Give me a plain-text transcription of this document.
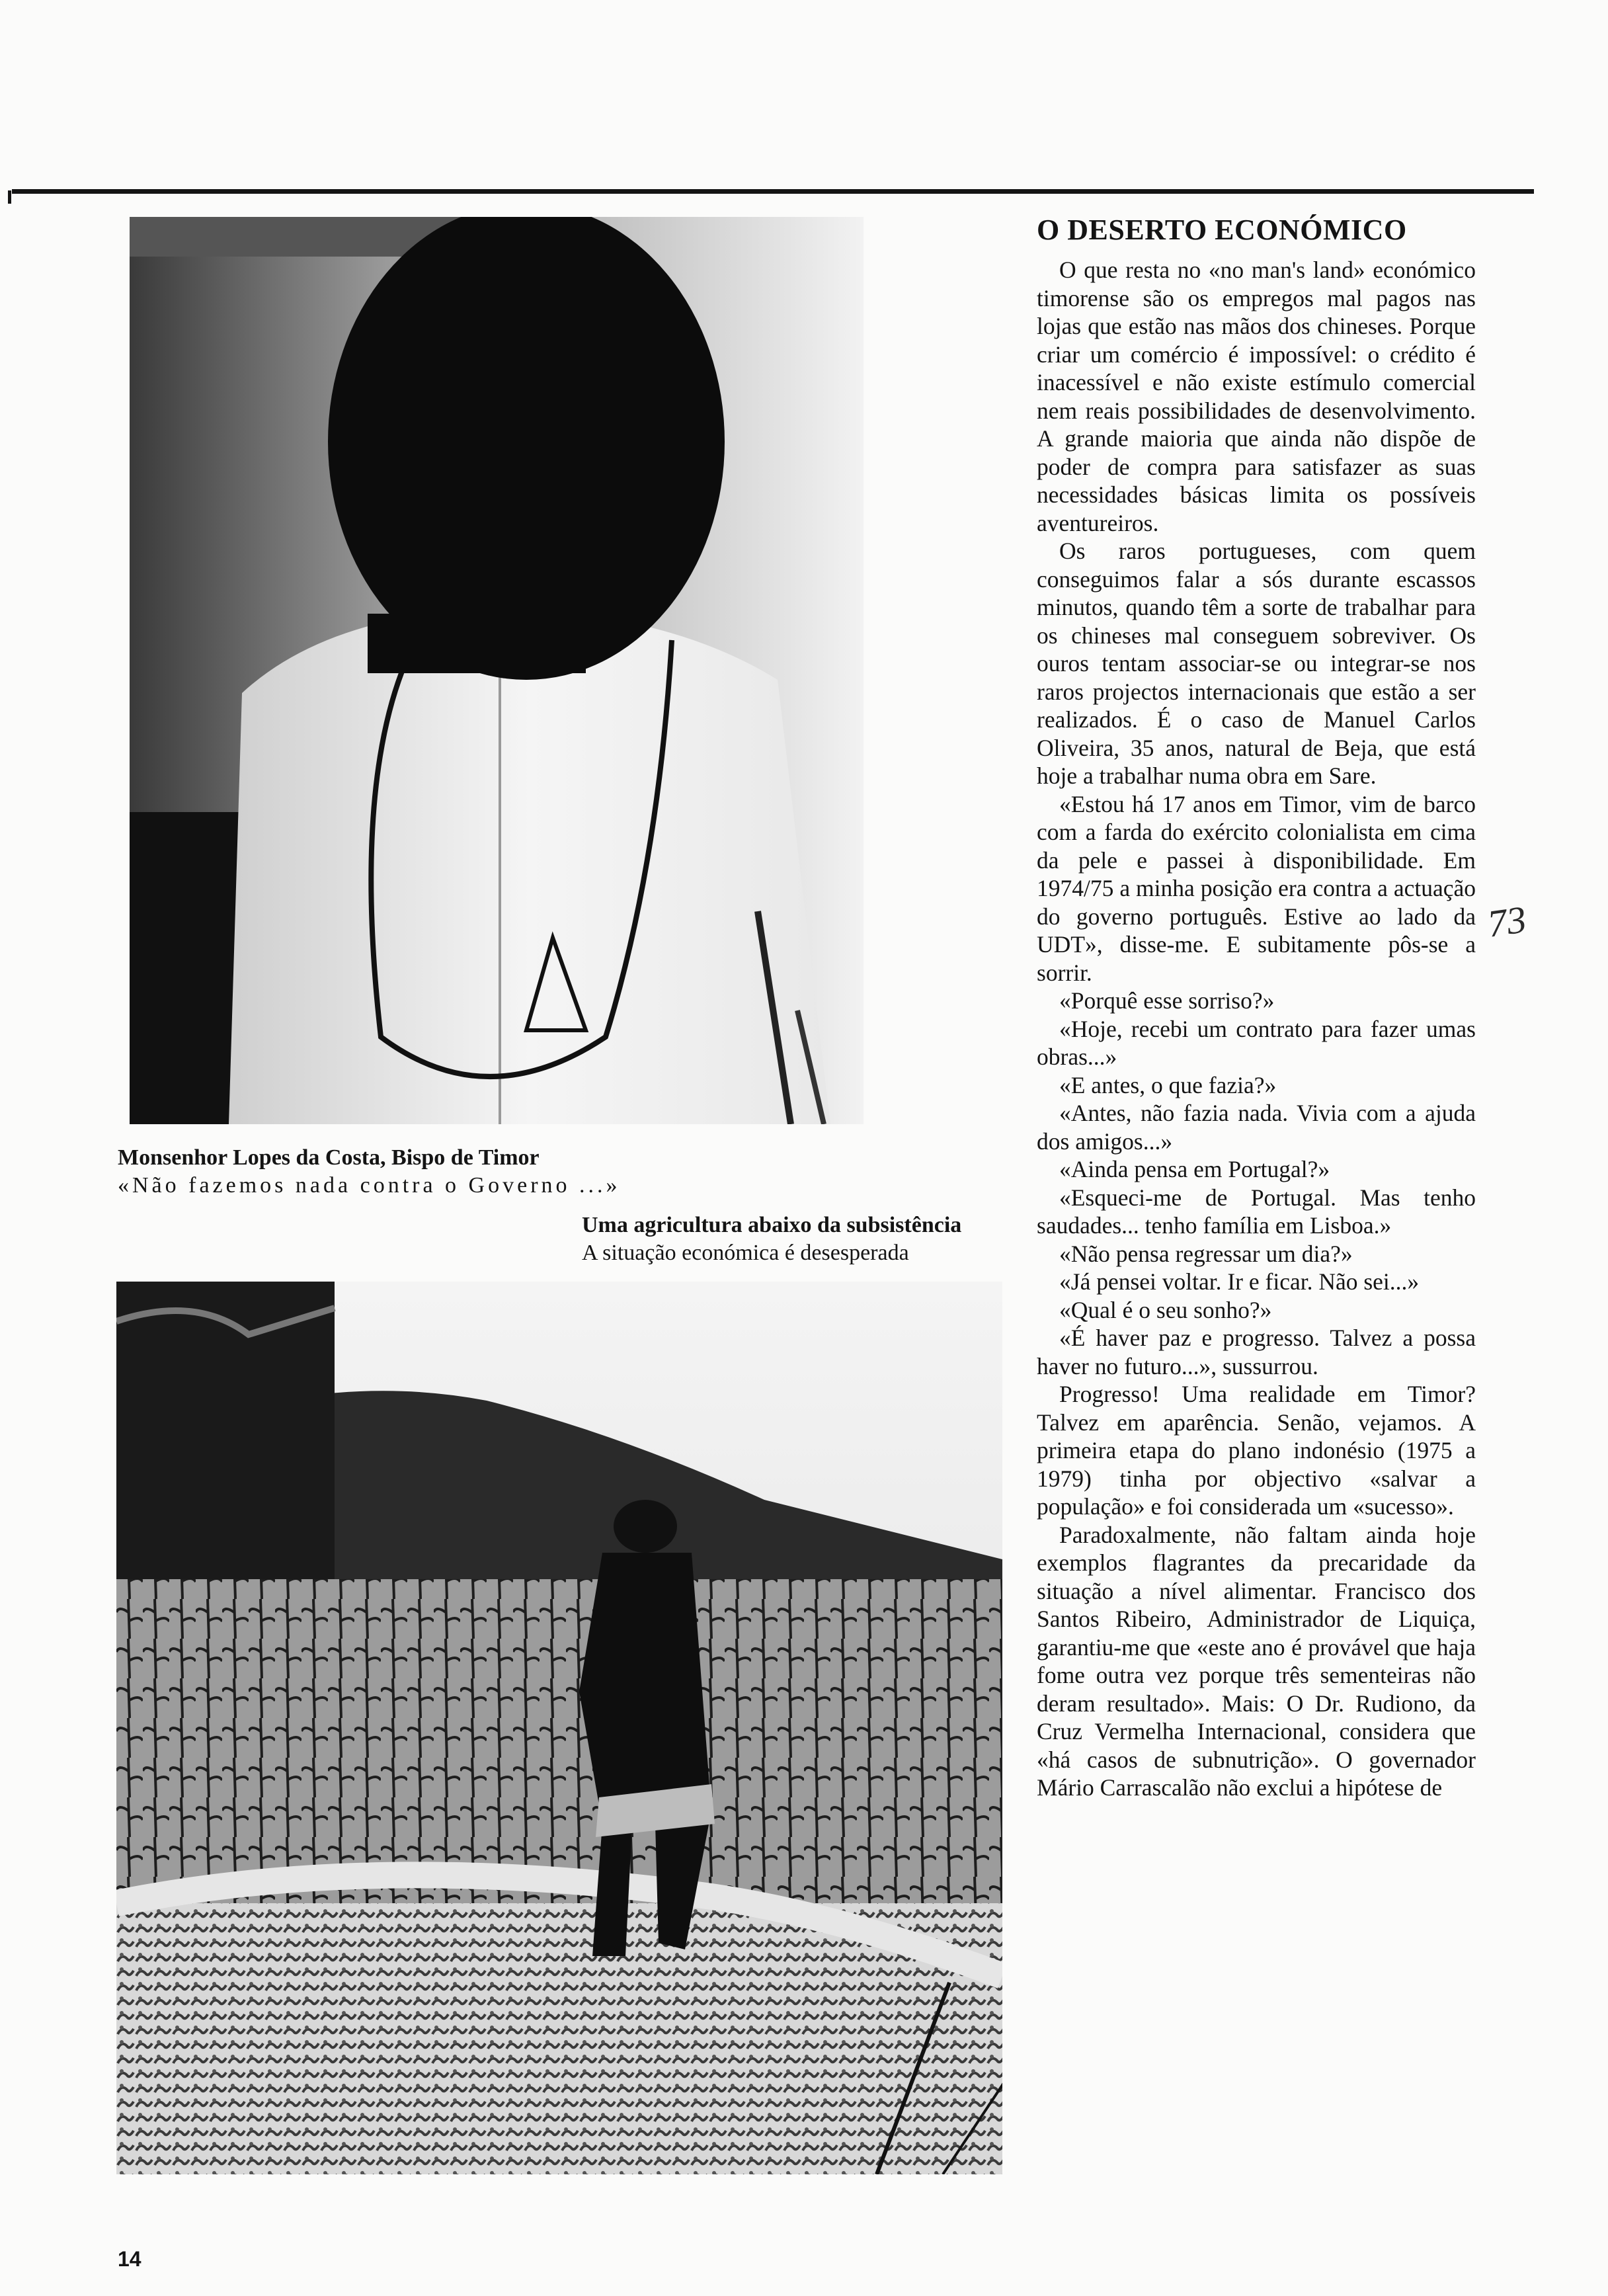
Monsenhor Lopes da Costa, Bispo de Timor
«Não fazemos nada contra o Governo ...»
Uma agricultura abaixo da subsistência
A situação económica é desesperada
O DESERTO ECONÓMICO

O que resta no «no man's land» económico timorense são os empregos mal pagos nas lojas que estão nas mãos dos chineses. Porque criar um comércio é impossível: o crédito é inacessível e não existe estímulo comercial nem reais possibilidades de desenvolvimento. A grande maioria que ainda não dispõe de poder de compra para satisfazer as suas necessidades básicas limita os possíveis aventureiros.

Os raros portugueses, com quem conseguimos falar a sós durante escassos minutos, quando têm a sorte de trabalhar para os chineses mal conseguem sobreviver. Os ouros tentam associar-se ou integrar-se nos raros projectos internacionais que estão a ser realizados. É o caso de Manuel Carlos Oliveira, 35 anos, natural de Beja, que está hoje a trabalhar numa obra em Sare.

«Estou há 17 anos em Timor, vim de barco com a farda do exército colonialista em cima da pele e passei à disponibilidade. Em 1974/75 a minha posição era contra a actuação do governo português. Estive ao lado da UDT», disse-me. E subitamente pôs-se a sorrir.

«Porquê esse sorriso?»

«Hoje, recebi um contrato para fazer umas obras...»

«E antes, o que fazia?»

«Antes, não fazia nada. Vivia com a ajuda dos amigos...»

«Ainda pensa em Portugal?»

«Esqueci-me de Portugal. Mas tenho saudades... tenho família em Lisboa.»

«Não pensa regressar um dia?»

«Já pensei voltar. Ir e ficar. Não sei...»

«Qual é o seu sonho?»

«É haver paz e progresso. Talvez a possa haver no futuro...», sussurrou.

Progresso! Uma realidade em Timor? Talvez em aparência. Senão, vejamos. A primeira etapa do plano indonésio (1975 a 1979) tinha por objectivo «salvar a população» e foi considerada um «sucesso».

Paradoxalmente, não faltam ainda hoje exemplos flagrantes da precaridade da situação a nível alimentar. Francisco dos Santos Ribeiro, Administrador de Liquiça, garantiu-me que «este ano é provável que haja fome outra vez porque três sementeiras não deram resultado». Mais: O Dr. Rudiono, da Cruz Vermelha Internacional, considera que «há casos de subnutrição». O governador Mário Carrascalão não exclui a hipótese de

73
14
